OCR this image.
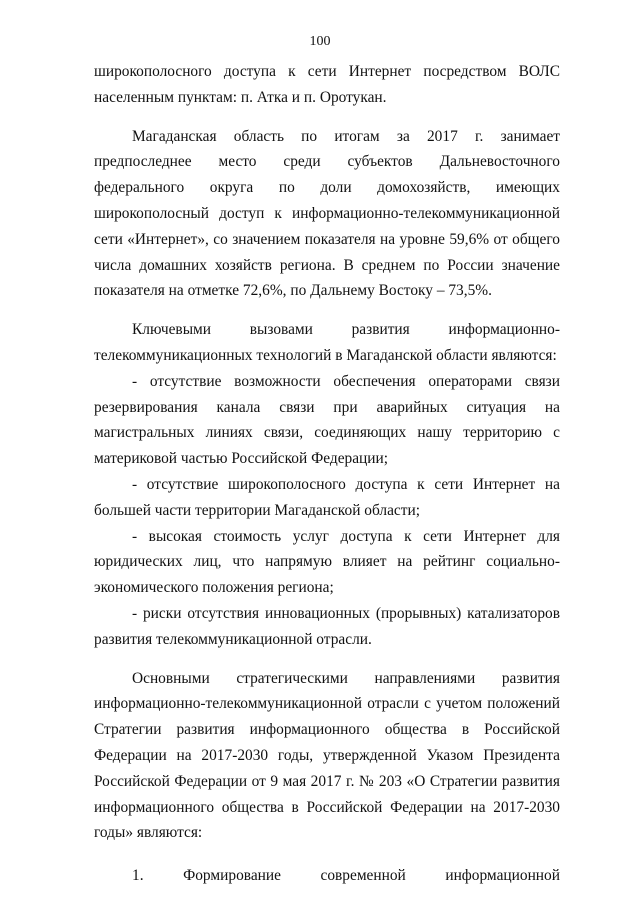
100

широкополосного доступа к сети Интернет посредством ВОЛС населенным пунктам: п. Атка и п. Оротукан.

Магаданская область по итогам за 2017 г. занимает предпоследнее место среди субъектов Дальневосточного федерального округа по доли домохозяйств, имеющих широкополосный доступ к информационно-телекоммуникационной сети «Интернет», со значением показателя на уровне 59,6% от общего числа домашних хозяйств региона. В среднем по России значение показателя на отметке 72,6%, по Дальнему Востоку – 73,5%.

Ключевыми вызовами развития информационно-телекоммуникационных технологий в Магаданской области являются:

- отсутствие возможности обеспечения операторами связи резервирования канала связи при аварийных ситуация на магистральных линиях связи, соединяющих нашу территорию с материковой частью Российской Федерации;

- отсутствие широкополосного доступа к сети Интернет на большей части территории Магаданской области;

- высокая стоимость услуг доступа к сети Интернет для юридических лиц, что напрямую влияет на рейтинг социально-экономического положения региона;

- риски отсутствия инновационных (прорывных) катализаторов развития телекоммуникационной отрасли.

Основными стратегическими направлениями развития информационно-телекоммуникационной отрасли с учетом положений Стратегии развития информационного общества в Российской Федерации на 2017-2030 годы, утвержденной Указом Президента Российской Федерации от 9 мая 2017 г. № 203 «О Стратегии развития информационного общества в Российской Федерации на 2017-2030 годы» являются:

1.	Формирование	современной	информационной
